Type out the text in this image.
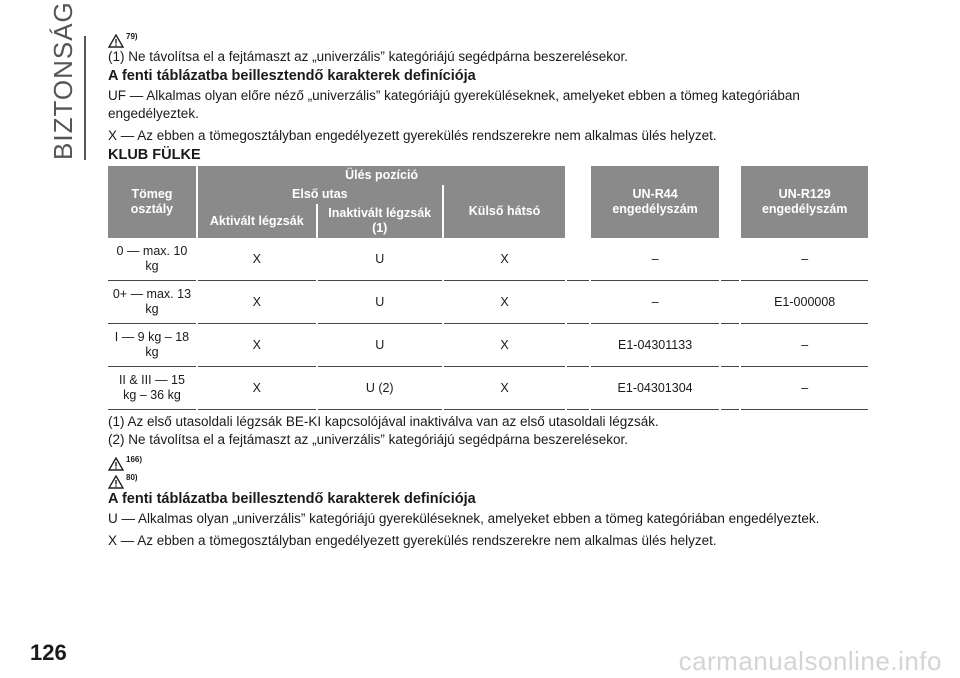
BIZTONSÁG	79)

(1) Ne távolítsa el a fejtámaszt az „univerzális” kategóriájú segédpárna beszerelésekor.

A fenti táblázatba beillesztendő karakterek definíciója

UF — Alkalmas olyan előre néző „univerzális” kategóriájú gyereküléseknek, amelyeket ebben a tömeg kategóriában engedélyeztek.

X — Az ebben a tömegosztályban engedélyezett gyerekülés rendszerekre nem alkalmas ülés helyzet.

KLUB FÜLKE

Tömeg osztály	Ülés pozíció				UN-R44 engedélyszám		UN-R129 engedélyszám
	Első utas		Külső hátsó				
	Aktivált légzsák	Inaktivált légzsák (1)					
0 — max. 10 kg	X	U	X		–		–
0+ — max. 13 kg	X	U	X		–		E1-000008
I — 9 kg – 18 kg	X	U	X		E1-04301133		–
II & III — 15 kg – 36 kg	X	U (2)	X		E1-04301304		–

(1) Az első utasoldali légzsák BE-KI kapcsolójával inaktiválva van az első utasoldali légzsák.

(2) Ne távolítsa el a fejtámaszt az „univerzális” kategóriájú segédpárna beszerelésekor.

166)
80)

A fenti táblázatba beillesztendő karakterek definíciója

U — Alkalmas olyan „univerzális” kategóriájú gyereküléseknek, amelyeket ebben a tömeg kategóriában engedélyeztek.

X — Az ebben a tömegosztályban engedélyezett gyerekülés rendszerekre nem alkalmas ülés helyzet.

126	carmanualsonline.info
